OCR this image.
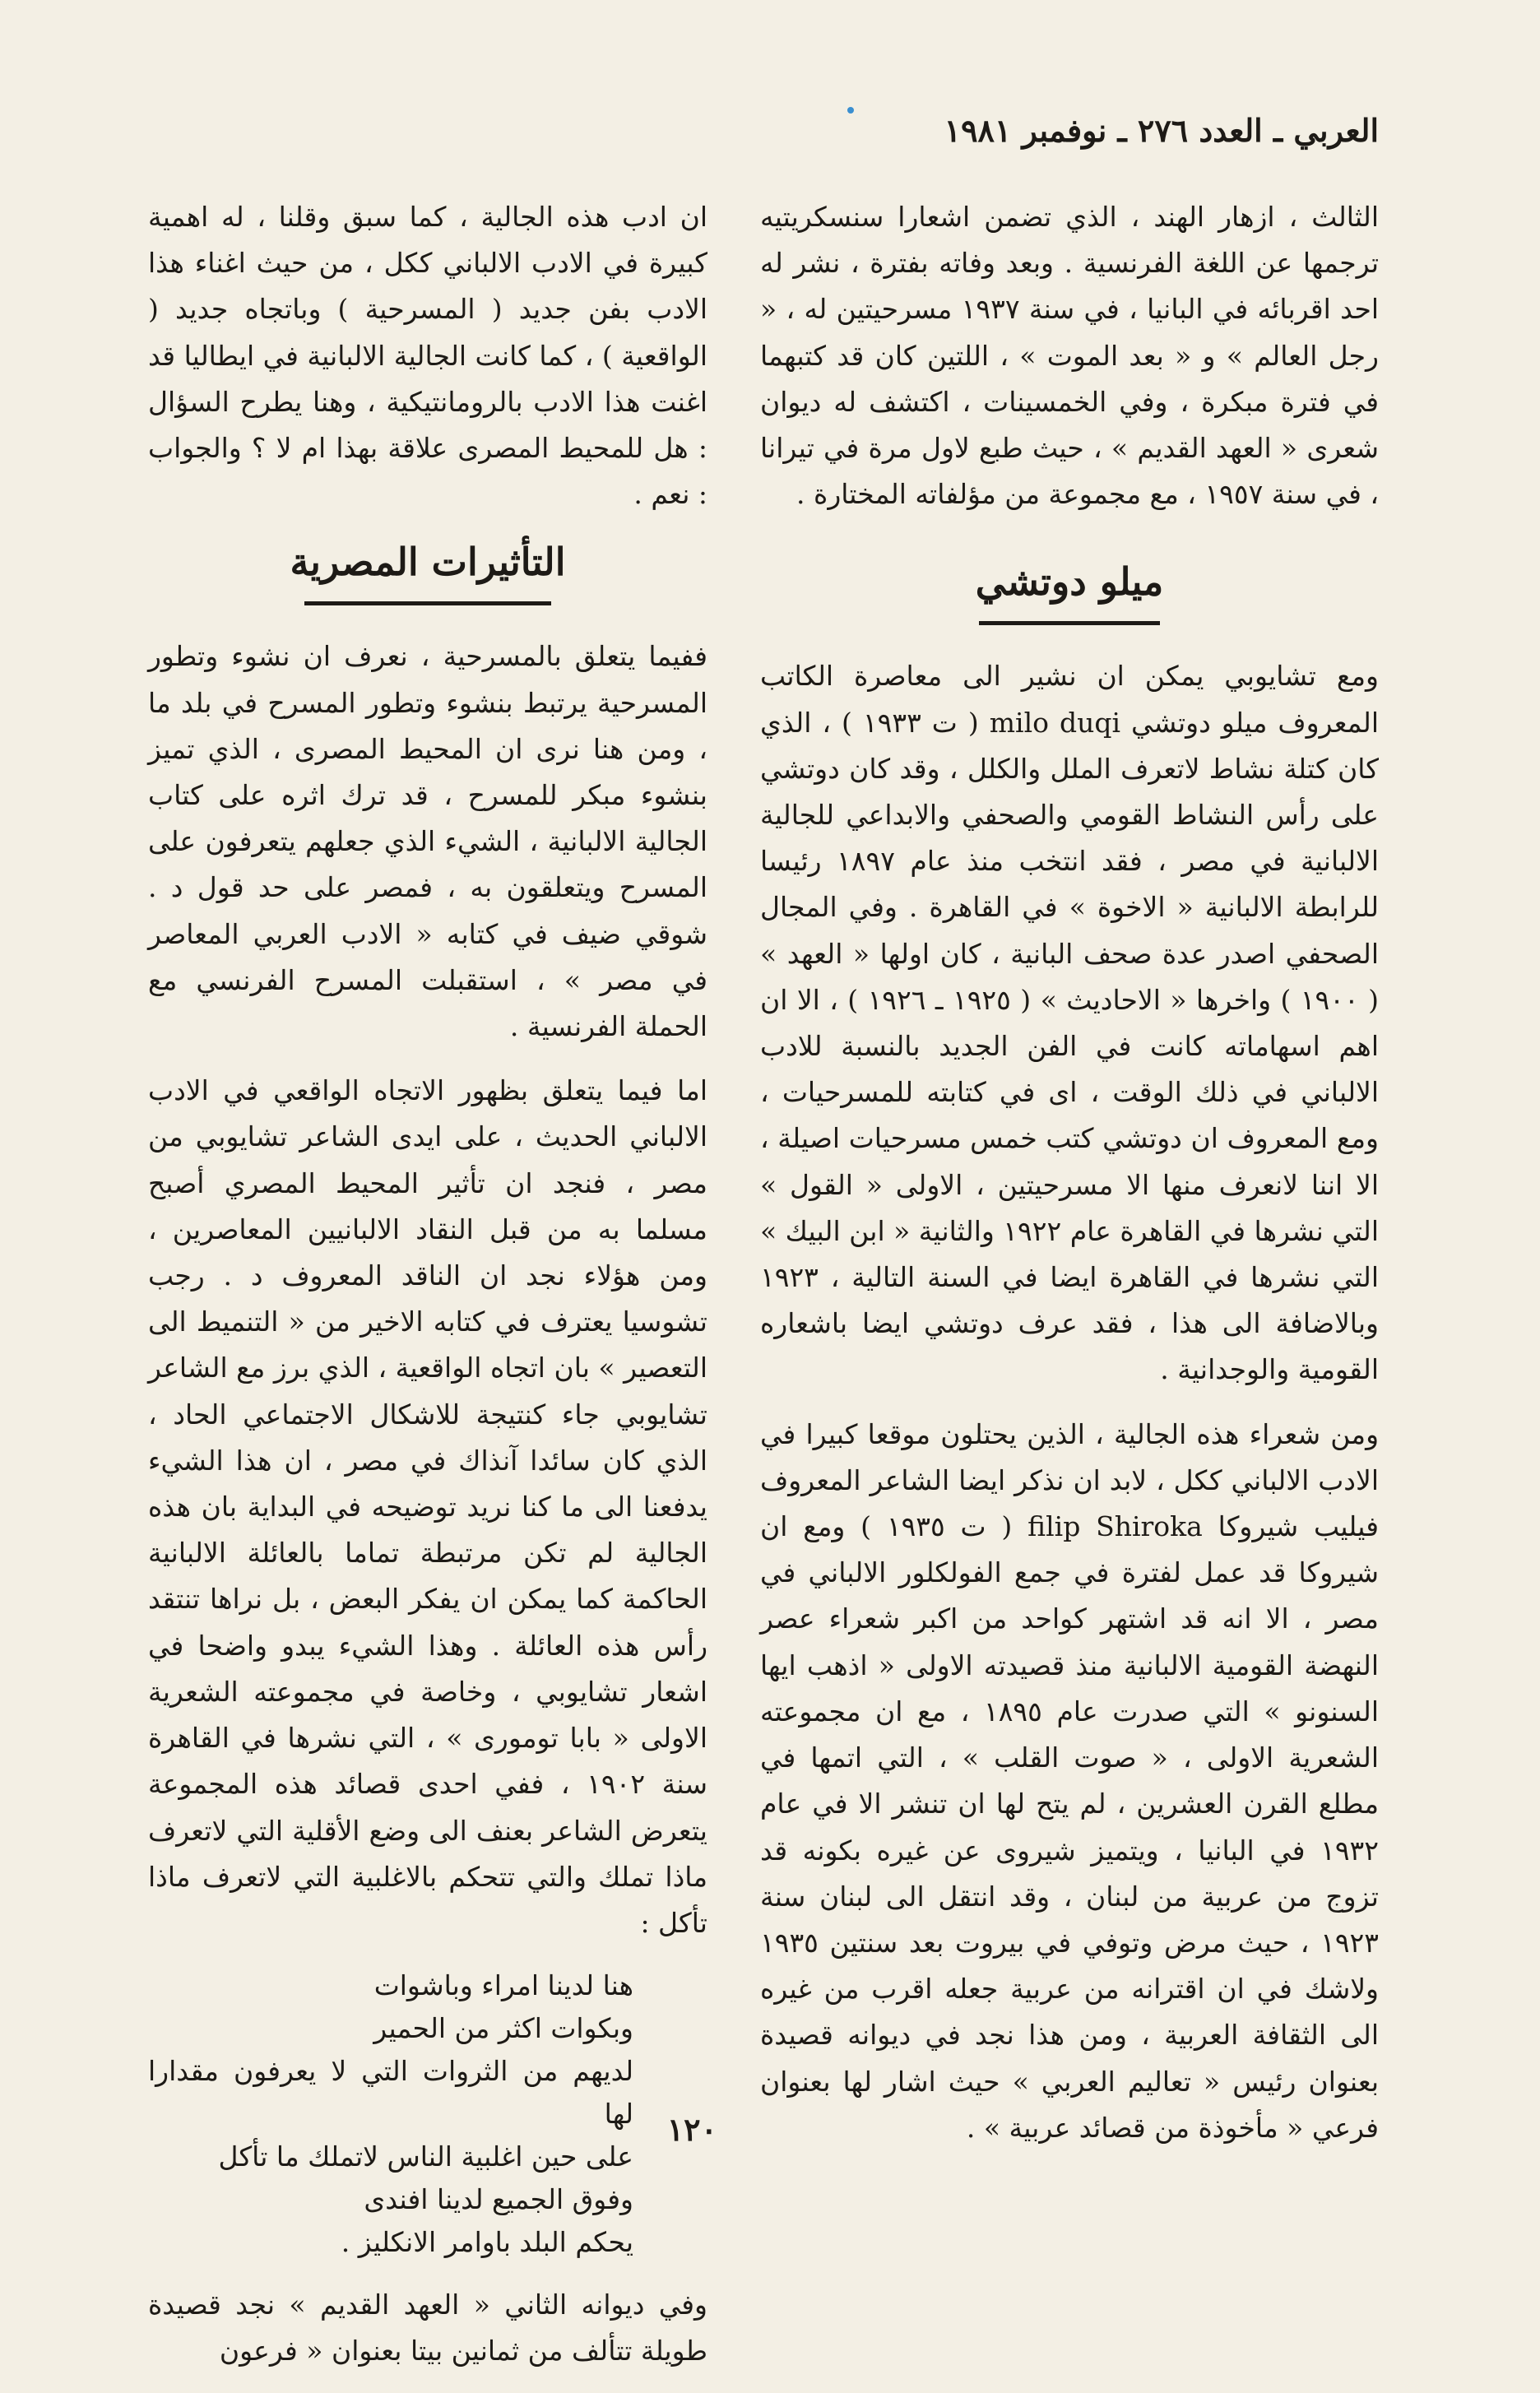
العربي ـ العدد ٢٧٦ ـ نوفمبر ١٩٨١

الثالث ، ازهار الهند ، الذي تضمن اشعارا سنسكريتيه ترجمها عن اللغة الفرنسية . وبعد وفاته بفترة ، نشر له احد اقربائه في البانيا ، في سنة ١٩٣٧ مسرحيتين له ، « رجل العالم » و « بعد الموت » ، اللتين كان قد كتبهما في فترة مبكرة ، وفي الخمسينات ، اكتشف له ديوان شعرى « العهد القديم » ، حيث طبع لاول مرة في تيرانا ، في سنة ١٩٥٧ ، مع مجموعة من مؤلفاته المختارة .

ميلو دوتشي

ومع تشايوبي يمكن ان نشير الى معاصرة الكاتب المعروف ميلو دوتشي milo duqi ( ت ١٩٣٣ ) ، الذي كان كتلة نشاط لاتعرف الملل والكلل ، وقد كان دوتشي على رأس النشاط القومي والصحفي والابداعي للجالية الالبانية في مصر ، فقد انتخب منذ عام ١٨٩٧ رئيسا للرابطة الالبانية « الاخوة » في القاهرة . وفي المجال الصحفي اصدر عدة صحف البانية ، كان اولها « العهد » ( ١٩٠٠ ) واخرها « الاحاديث » ( ١٩٢٥ ـ ١٩٢٦ ) ، الا ان اهم اسهاماته كانت في الفن الجديد بالنسبة للادب الالباني في ذلك الوقت ، اى في كتابته للمسرحيات ، ومع المعروف ان دوتشي كتب خمس مسرحيات اصيلة ، الا اننا لانعرف منها الا مسرحيتين ، الاولى « القول » التي نشرها في القاهرة عام ١٩٢٢ والثانية « ابن البيك » التي نشرها في القاهرة ايضا في السنة التالية ، ١٩٢٣ وبالاضافة الى هذا ، فقد عرف دوتشي ايضا باشعاره القومية والوجدانية .

ومن شعراء هذه الجالية ، الذين يحتلون موقعا كبيرا في الادب الالباني ككل ، لابد ان نذكر ايضا الشاعر المعروف فيليب شيروكا filip Shiroka ( ت ١٩٣٥ ) ومع ان شيروكا قد عمل لفترة في جمع الفولكلور الالباني في مصر ، الا انه قد اشتهر كواحد من اكبر شعراء عصر النهضة القومية الالبانية منذ قصيدته الاولى « اذهب ايها السنونو » التي صدرت عام ١٨٩٥ ، مع ان مجموعته الشعرية الاولى ، « صوت القلب » ، التي اتمها في مطلع القرن العشرين ، لم يتح لها ان تنشر الا في عام ١٩٣٢ في البانيا ، ويتميز شيروى عن غيره بكونه قد تزوج من عربية من لبنان ، وقد انتقل الى لبنان سنة ١٩٢٣ ، حيث مرض وتوفي في بيروت بعد سنتين ١٩٣٥ ولاشك في ان اقترانه من عربية جعله اقرب من غيره الى الثقافة العربية ، ومن هذا نجد في ديوانه قصيدة بعنوان رئيس « تعاليم العربي » حيث اشار لها بعنوان فرعي « مأخوذة من قصائد عربية » .

ان ادب هذه الجالية ، كما سبق وقلنا ، له اهمية كبيرة في الادب الالباني ككل ، من حيث اغناء هذا الادب بفن جديد ( المسرحية ) وباتجاه جديد ( الواقعية ) ، كما كانت الجالية الالبانية في ايطاليا قد اغنت هذا الادب بالرومانتيكية ، وهنا يطرح السؤال : هل للمحيط المصرى علاقة بهذا ام لا ؟ والجواب : نعم .

التأثيرات المصرية

ففيما يتعلق بالمسرحية ، نعرف ان نشوء وتطور المسرحية يرتبط بنشوء وتطور المسرح في بلد ما ، ومن هنا نرى ان المحيط المصرى ، الذي تميز بنشوء مبكر للمسرح ، قد ترك اثره على كتاب الجالية الالبانية ، الشيء الذي جعلهم يتعرفون على المسرح ويتعلقون به ، فمصر على حد قول د . شوقي ضيف في كتابه « الادب العربي المعاصر في مصر » ، استقبلت المسرح الفرنسي مع الحملة الفرنسية .

اما فيما يتعلق بظهور الاتجاه الواقعي في الادب الالباني الحديث ، على ايدى الشاعر تشايوبي من مصر ، فنجد ان تأثير المحيط المصري أصبح مسلما به من قبل النقاد الالبانيين المعاصرين ، ومن هؤلاء نجد ان الناقد المعروف د . رجب تشوسيا يعترف في كتابه الاخير من « التنميط الى التعصير » بان اتجاه الواقعية ، الذي برز مع الشاعر تشايوبي جاء كنتيجة للاشكال الاجتماعي الحاد ، الذي كان سائدا آنذاك في مصر ، ان هذا الشيء يدفعنا الى ما كنا نريد توضيحه في البداية بان هذه الجالية لم تكن مرتبطة تماما بالعائلة الالبانية الحاكمة كما يمكن ان يفكر البعض ، بل نراها تنتقد رأس هذه العائلة . وهذا الشيء يبدو واضحا في اشعار تشايوبي ، وخاصة في مجموعته الشعرية الاولى « بابا تومورى » ، التي نشرها في القاهرة سنة ١٩٠٢ ، ففي احدى قصائد هذه المجموعة يتعرض الشاعر بعنف الى وضع الأقلية التي لاتعرف ماذا تملك والتي تتحكم بالاغلبية التي لاتعرف ماذا تأكل :

هنا لدينا امراء وباشوات
وبكوات اكثر من الحمير
لديهم من الثروات التي لا يعرفون مقدارا لها
على حين اغلبية الناس لاتملك ما تأكل
وفوق الجميع لدينا افندى
يحكم البلد باوامر الانكليز .

وفي ديوانه الثاني « العهد القديم » نجد قصيدة طويلة تتألف من ثمانين بيتا بعنوان « فرعون

١٢٠
